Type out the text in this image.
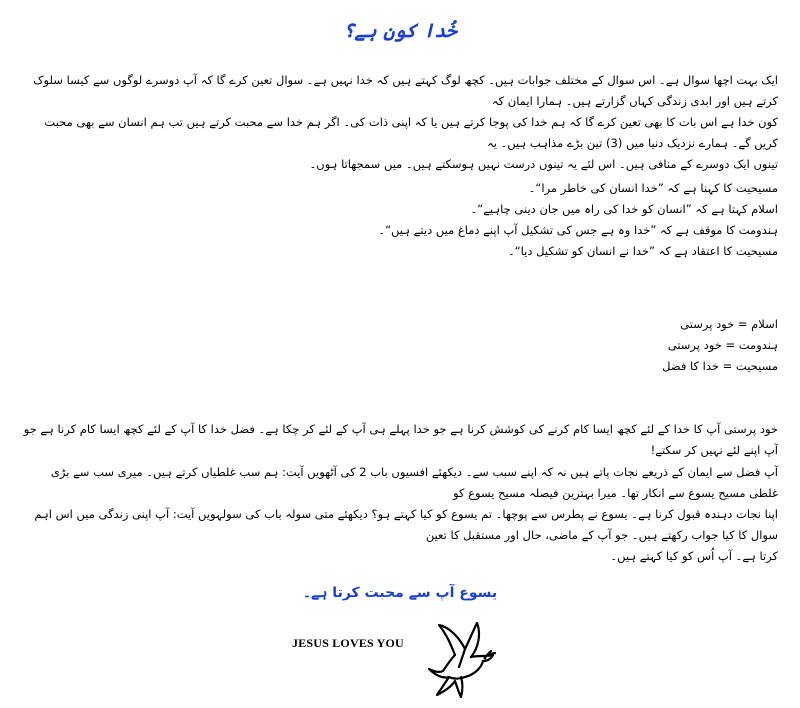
خُدا کون ہے؟

ایک بہت اچھا سوال ہے۔ اس سوال کے مختلف جوابات ہیں۔ کچھ لوگ کہتے ہیں کہ خدا نہیں ہے۔ سوال تعین کرے گا کہ آپ دوسرے لوگوں سے کیسا سلوک کرتے ہیں اور ابدی زندگی کہاں گزارتے ہیں۔ ہمارا ایمان کہ

کون خدا ہے اس بات کا بھی تعین کرے گا کہ ہم خدا کی پوجا کرتے ہیں یا کہ اپنی ذات کی۔ اگر ہم خدا سے محبت کرتے ہیں تب ہم انسان سے بھی محبت کریں گے۔ ہمارے نزدیک دنیا میں (3) تین بڑے مذاہب ہیں۔ یہ

تینوں ایک دوسرے کے منافی ہیں۔ اس لئے یہ تینوں درست نہیں ہوسکتے ہیں۔ میں سمجھاتا ہوں۔

مسیحیت کا کہنا ہے کہ ”خدا انسان کی خاطر مرا“۔

اسلام کہتا ہے کہ ”انسان کو خدا کی راہ میں جان دینی چاہیے“۔

ہندومت کا موقف ہے کہ ”خدا وہ ہے جس کی تشکیل آپ اپنے دماغ میں دیتے ہیں“۔

مسیحیت کا اعتقاد ہے کہ ”خدا نے انسان کو تشکیل دیا“۔

اسلام = خود پرستی

ہندومت = خود پرستی

مسیحیت = خدا کا فضل

خود پرستی آپ کا خدا کے لئے کچھ ایسا کام کرنے کی کوشش کرنا ہے جو خدا پہلے ہی آپ کے لئے کر چکا ہے۔ فضل خدا کا آپ کے لئے کچھ ایسا کام کرنا ہے جو آپ اپنے لئے نہیں کر سکتے!

آپ فضل سے ایمان کے ذریعے نجات پاتے ہیں نہ کہ اپنے سبب سے۔ دیکھئے افسیوں باب 2 کی آٹھویں آیت: ہم سب غلطیاں کرتے ہیں۔ میری سب سے بڑی غلطی مسیح یسوع سے انکار تھا۔ میرا بہترین فیصلہ مسیح یسوع کو

اپنا نجات دہندہ قبول کرنا ہے۔ یسوع نے پطرس سے پوچھا۔ تم یسوع کو کیا کہتے ہو؟ دیکھئے متی سولہ باب کی سولہویں آیت: آپ اپنی زندگی میں اس اہم سوال کا کیا جواب رکھتے ہیں۔ جو آپ کے ماضی، حال اور مستقبل کا تعین

کرتا ہے۔ آپ اُس کو کیا کہتے ہیں۔

یسوع آپ سے محبت کرتا ہے۔
JESUS LOVES YOU
